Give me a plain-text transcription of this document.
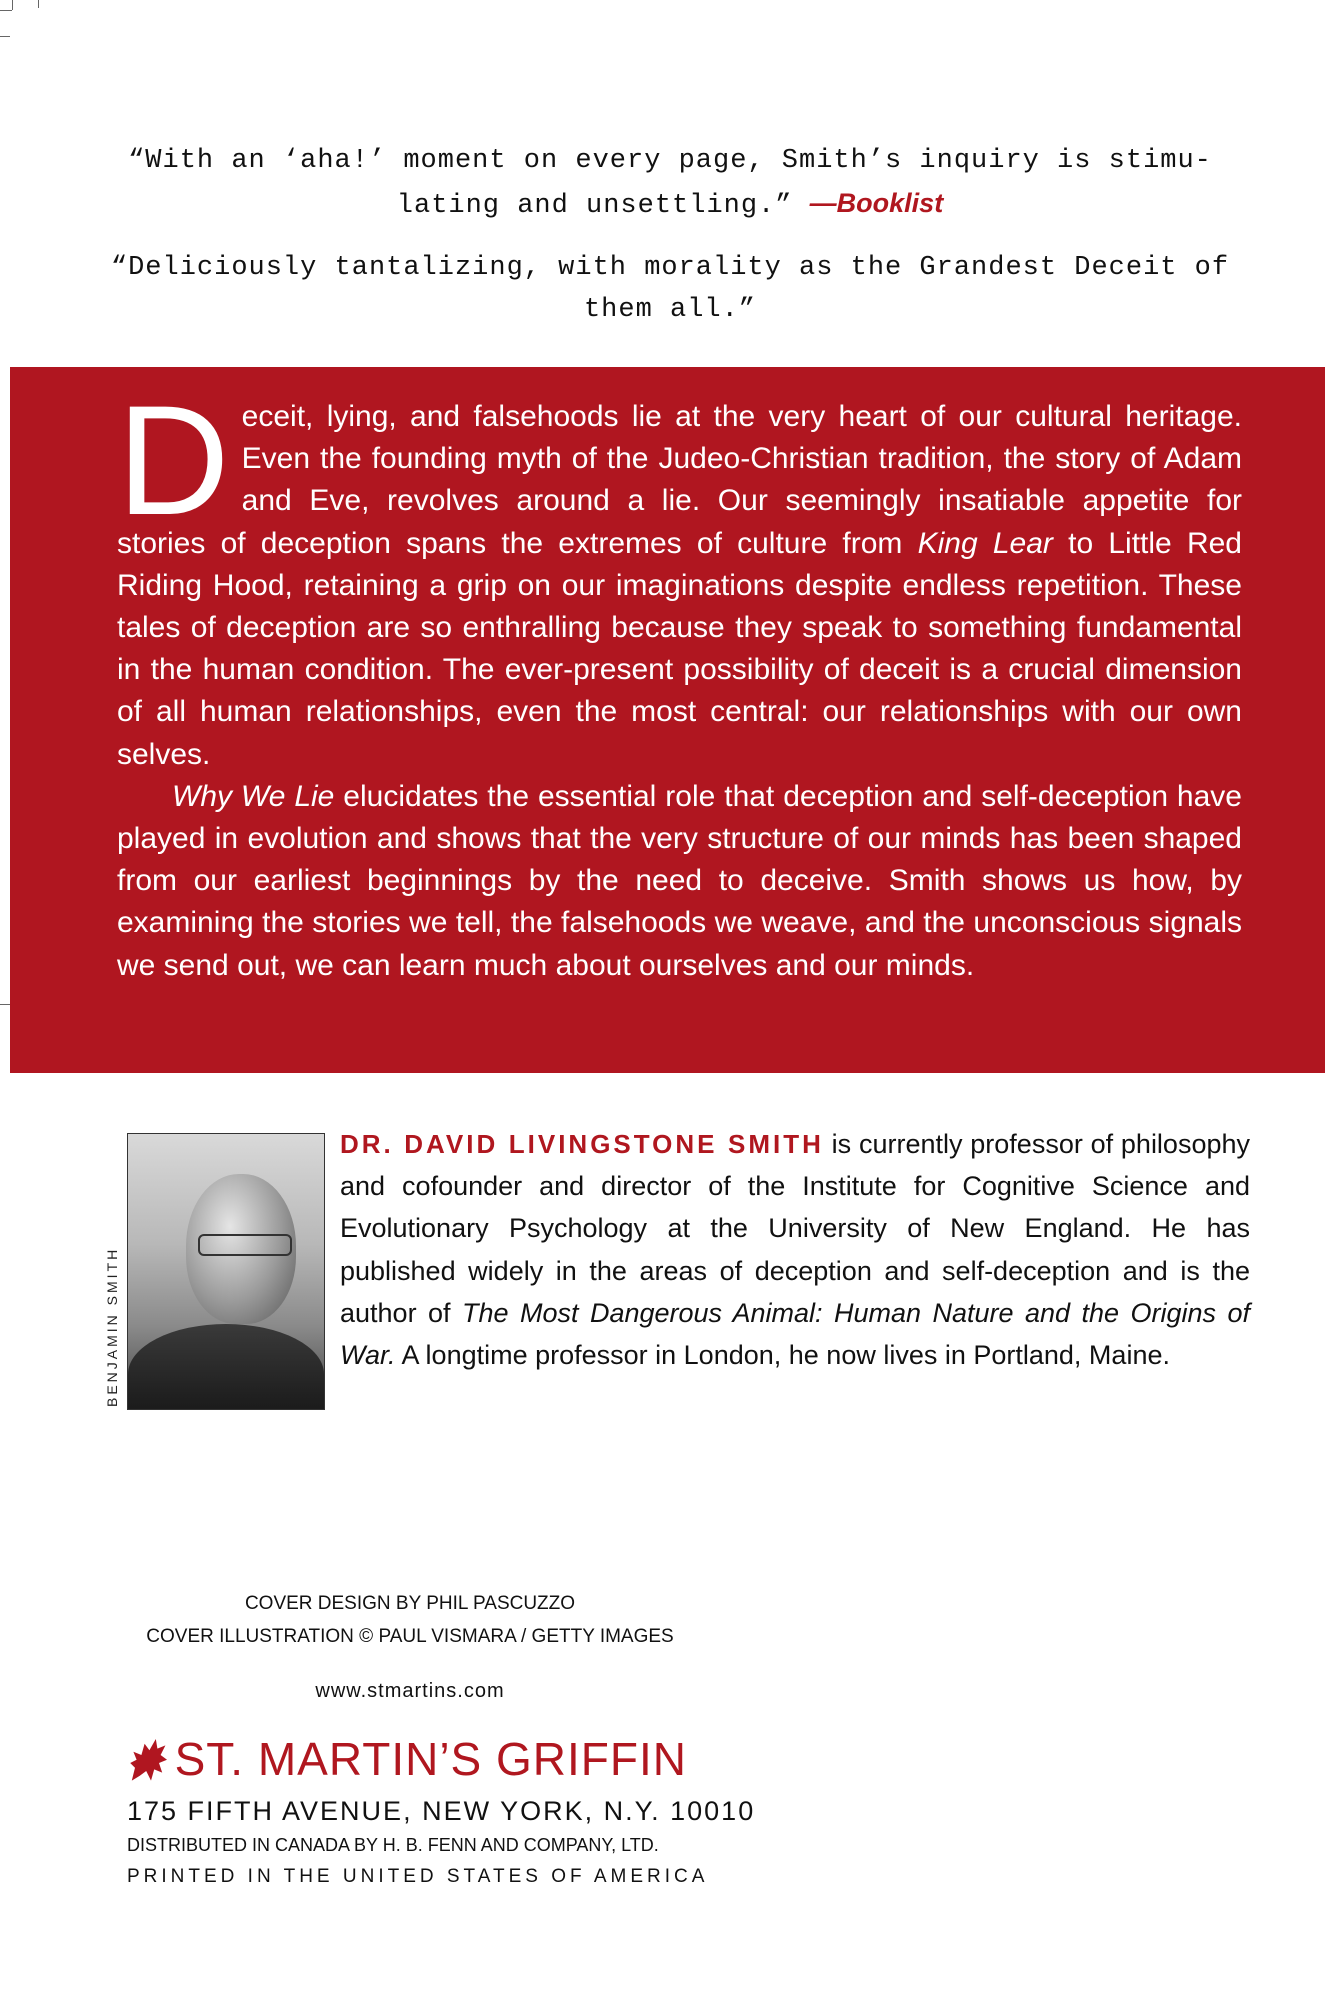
“With an ‘aha!’ moment on every page, Smith’s inquiry is stimu- lating and unsettling.” —Booklist

“Deliciously tantalizing, with morality as the Grandest Deceit of them all.”

Deceit, lying, and falsehoods lie at the very heart of our cultural heritage. Even the founding myth of the Judeo-Christian tradition, the story of Adam and Eve, revolves around a lie. Our seemingly insatiable appetite for stories of deception spans the extremes of culture from King Lear to Little Red Riding Hood, retaining a grip on our imaginations despite endless repetition. These tales of deception are so enthralling because they speak to something fundamental in the human condition. The ever-present possibility of deceit is a crucial dimension of all human relationships, even the most central: our relationships with our own selves.

Why We Lie elucidates the essential role that deception and self-deception have played in evolution and shows that the very structure of our minds has been shaped from our earliest beginnings by the need to deceive. Smith shows us how, by examining the stories we tell, the falsehoods we weave, and the unconscious signals we send out, we can learn much about ourselves and our minds.

BENJAMIN SMITH

DR. DAVID LIVINGSTONE SMITH is currently professor of philosophy and cofounder and director of the Institute for Cognitive Science and Evolutionary Psychology at the University of New England. He has published widely in the areas of deception and self-deception and is the author of The Most Dangerous Animal: Human Nature and the Origins of War. A longtime professor in London, he now lives in Portland, Maine.

COVER DESIGN BY PHIL PASCUZZO

COVER ILLUSTRATION © PAUL VISMARA / GETTY IMAGES

www.stmartins.com
ST. MARTIN’S GRIFFIN
175 FIFTH AVENUE, NEW YORK, N.Y. 10010
DISTRIBUTED IN CANADA BY H. B. FENN AND COMPANY, LTD.
PRINTED IN THE UNITED STATES OF AMERICA
